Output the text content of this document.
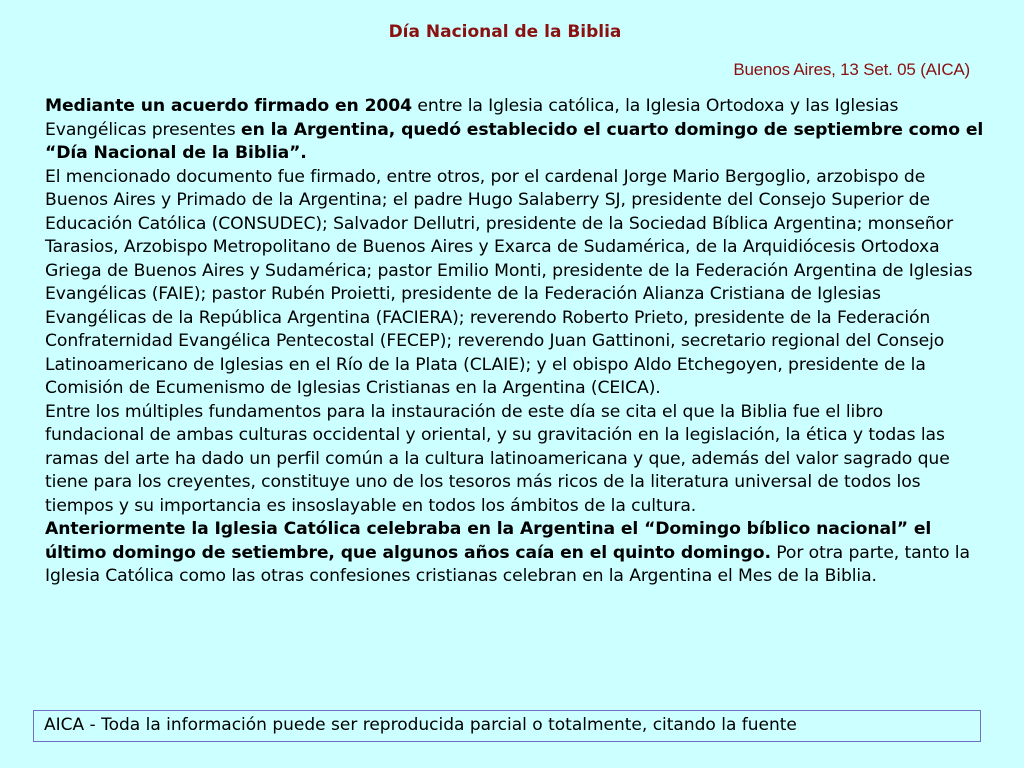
Día Nacional de la Biblia
Buenos Aires, 13 Set. 05 (AICA)

Mediante un acuerdo firmado en 2004 entre la Iglesia católica, la Iglesia Ortodoxa y las Iglesias Evangélicas presentes en la Argentina, quedó establecido el cuarto domingo de septiembre como el “Día Nacional de la Biblia”.

El mencionado documento fue firmado, entre otros, por el cardenal Jorge Mario Bergoglio, arzobispo de Buenos Aires y Primado de la Argentina; el padre Hugo Salaberry SJ, presidente del Consejo Superior de Educación Católica (CONSUDEC); Salvador Dellutri, presidente de la Sociedad Bíblica Argentina; monseñor Tarasios, Arzobispo Metropolitano de Buenos Aires y Exarca de Sudamérica, de la Arquidiócesis Ortodoxa Griega de Buenos Aires y Sudamérica; pastor Emilio Monti, presidente de la Federación Argentina de Iglesias Evangélicas (FAIE); pastor Rubén Proietti, presidente de la Federación Alianza Cristiana de Iglesias Evangélicas de la República Argentina (FACIERA); reverendo Roberto Prieto, presidente de la Federación Confraternidad Evangélica Pentecostal (FECEP); reverendo Juan Gattinoni, secretario regional del Consejo Latinoamericano de Iglesias en el Río de la Plata (CLAIE); y el obispo Aldo Etchegoyen, presidente de la Comisión de Ecumenismo de Iglesias Cristianas en la Argentina (CEICA).

Entre los múltiples fundamentos para la instauración de este día se cita el que la Biblia fue el libro fundacional de ambas culturas occidental y oriental, y su gravitación en la legislación, la ética y todas las ramas del arte ha dado un perfil común a la cultura latinoamericana y que, además del valor sagrado que tiene para los creyentes, constituye uno de los tesoros más ricos de la literatura universal de todos los tiempos y su importancia es insoslayable en todos los ámbitos de la cultura.

Anteriormente la Iglesia Católica celebraba en la Argentina el “Domingo bíblico nacional” el último domingo de setiembre, que algunos años caía en el quinto domingo. Por otra parte, tanto la Iglesia Católica como las otras confesiones cristianas celebran en la Argentina el Mes de la Biblia.

AICA - Toda la información puede ser reproducida parcial o totalmente, citando la fuente
